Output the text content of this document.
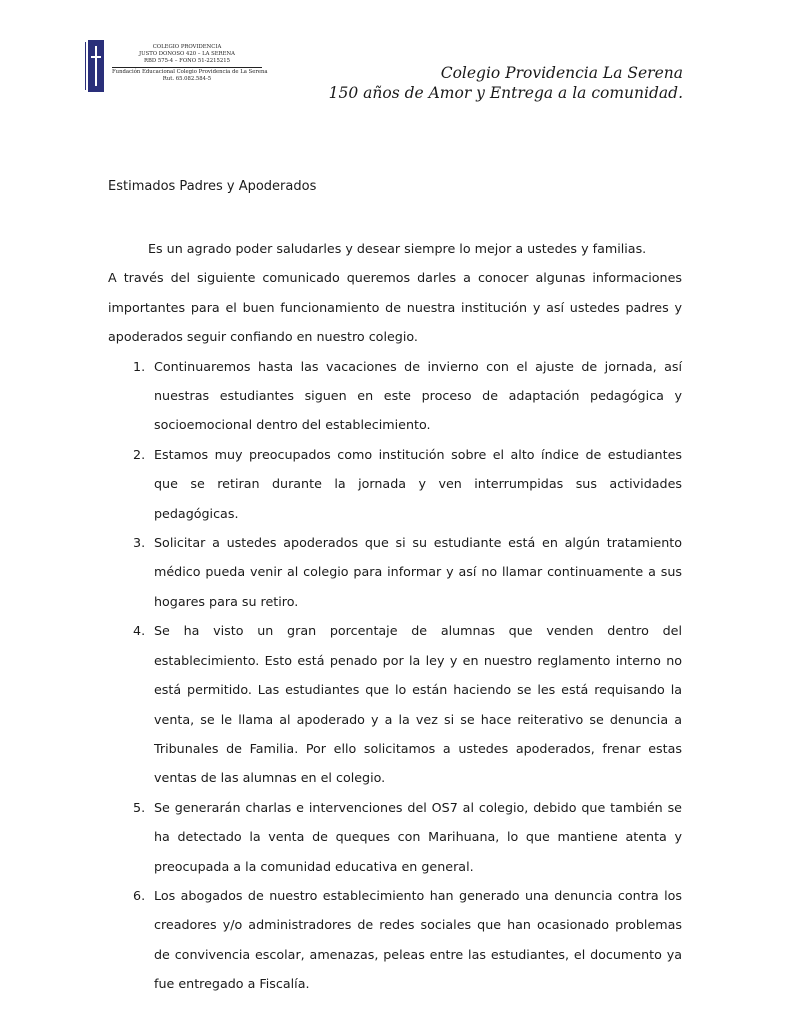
COLEGIO PROVIDENCIA
JUSTO DONOSO 420 – LA SERENA
RBD 575-4 – FONO 51-2215215
Fundación Educacional Colegio Providencia de La Serena
Rut. 65.082.584-5	Colegio Providencia La Serena
150 años de Amor y Entrega a la comunidad.
Estimados Padres y Apoderados

Es un agrado poder saludarles y desear siempre lo mejor a ustedes y familias.

A través del siguiente comunicado queremos darles a conocer algunas informaciones importantes para el buen funcionamiento de nuestra institución y así ustedes padres y apoderados seguir confiando en nuestro colegio.

1. Continuaremos hasta las vacaciones de invierno con el ajuste de jornada, así nuestras estudiantes siguen en este proceso de adaptación pedagógica y socioemocional dentro del establecimiento.
2. Estamos muy preocupados como institución sobre el alto índice de estudiantes que se retiran durante la jornada y ven interrumpidas sus actividades pedagógicas.
3. Solicitar a ustedes apoderados que si su estudiante está en algún tratamiento médico pueda venir al colegio para informar y así no llamar continuamente a sus hogares para su retiro.
4. Se ha visto un gran porcentaje de alumnas que venden dentro del establecimiento. Esto está penado por la ley y en nuestro reglamento interno no está permitido. Las estudiantes que lo están haciendo se les está requisando la venta, se le llama al apoderado y a la vez si se hace reiterativo se denuncia a Tribunales de Familia. Por ello solicitamos a ustedes apoderados, frenar estas ventas de las alumnas en el colegio.
5. Se generarán charlas e intervenciones del OS7 al colegio, debido que también se ha detectado la venta de queques con Marihuana, lo que mantiene atenta y preocupada a la comunidad educativa en general.
6. Los abogados de nuestro establecimiento han generado una denuncia contra los creadores y/o administradores de redes sociales que han ocasionado problemas de convivencia escolar, amenazas, peleas entre las estudiantes, el documento ya fue entregado a Fiscalía.
